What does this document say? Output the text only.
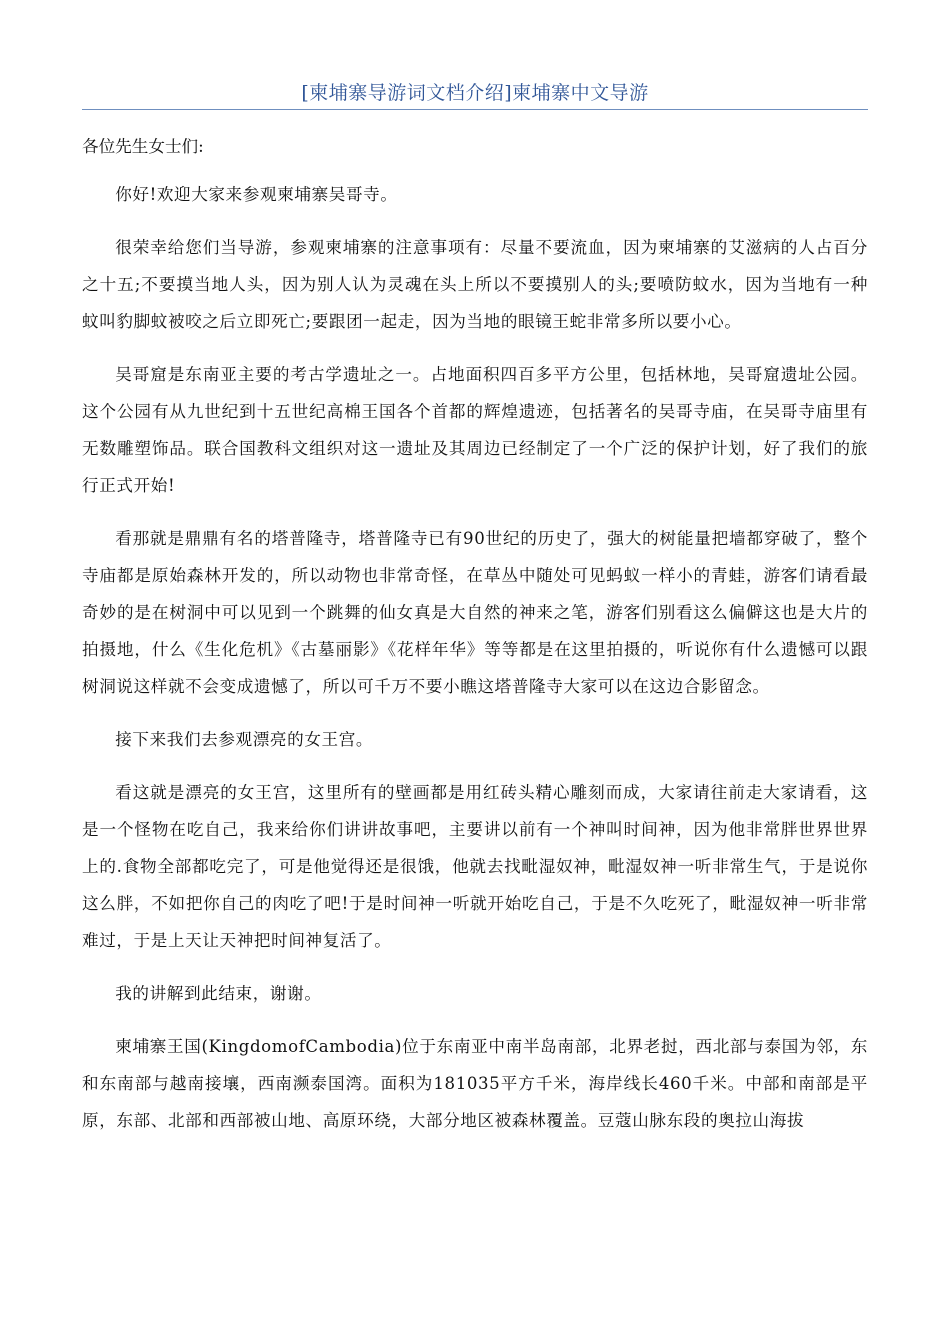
[柬埔寨导游词文档介绍]柬埔寨中文导游

各位先生女士们:

你好!欢迎大家来参观柬埔寨吴哥寺。

很荣幸给您们当导游，参观柬埔寨的注意事项有：尽量不要流血，因为柬埔寨的艾滋病的人占百分之十五;不要摸当地人头，因为别人认为灵魂在头上所以不要摸别人的头;要喷防蚊水，因为当地有一种蚊叫豹脚蚊被咬之后立即死亡;要跟团一起走，因为当地的眼镜王蛇非常多所以要小心。

吴哥窟是东南亚主要的考古学遗址之一。占地面积四百多平方公里，包括林地，吴哥窟遗址公园。这个公园有从九世纪到十五世纪高棉王国各个首都的辉煌遗迹，包括著名的吴哥寺庙，在吴哥寺庙里有无数雕塑饰品。联合国教科文组织对这一遗址及其周边已经制定了一个广泛的保护计划，好了我们的旅行正式开始!

看那就是鼎鼎有名的塔普隆寺，塔普隆寺已有90世纪的历史了，强大的树能量把墙都穿破了，整个寺庙都是原始森林开发的，所以动物也非常奇怪，在草丛中随处可见蚂蚁一样小的青蛙，游客们请看最奇妙的是在树洞中可以见到一个跳舞的仙女真是大自然的神来之笔，游客们别看这么偏僻这也是大片的拍摄地，什么《生化危机》《古墓丽影》《花样年华》等等都是在这里拍摄的，听说你有什么遗憾可以跟树洞说这样就不会变成遗憾了，所以可千万不要小瞧这塔普隆寺大家可以在这边合影留念。

接下来我们去参观漂亮的女王宫。

看这就是漂亮的女王宫，这里所有的壁画都是用红砖头精心雕刻而成，大家请往前走大家请看，这是一个怪物在吃自己，我来给你们讲讲故事吧，主要讲以前有一个神叫时间神，因为他非常胖世界世界上的.食物全部都吃完了，可是他觉得还是很饿，他就去找毗湿奴神，毗湿奴神一听非常生气，于是说你这么胖，不如把你自己的肉吃了吧!于是时间神一听就开始吃自己，于是不久吃死了，毗湿奴神一听非常难过，于是上天让天神把时间神复活了。

我的讲解到此结束，谢谢。

柬埔寨王国(KingdomofCambodia)位于东南亚中南半岛南部，北界老挝，西北部与泰国为邻，东和东南部与越南接壤，西南濒泰国湾。面积为181035平方千米，海岸线长460千米。中部和南部是平原，东部、北部和西部被山地、高原环绕，大部分地区被森林覆盖。豆蔻山脉东段的奥拉山海拔
